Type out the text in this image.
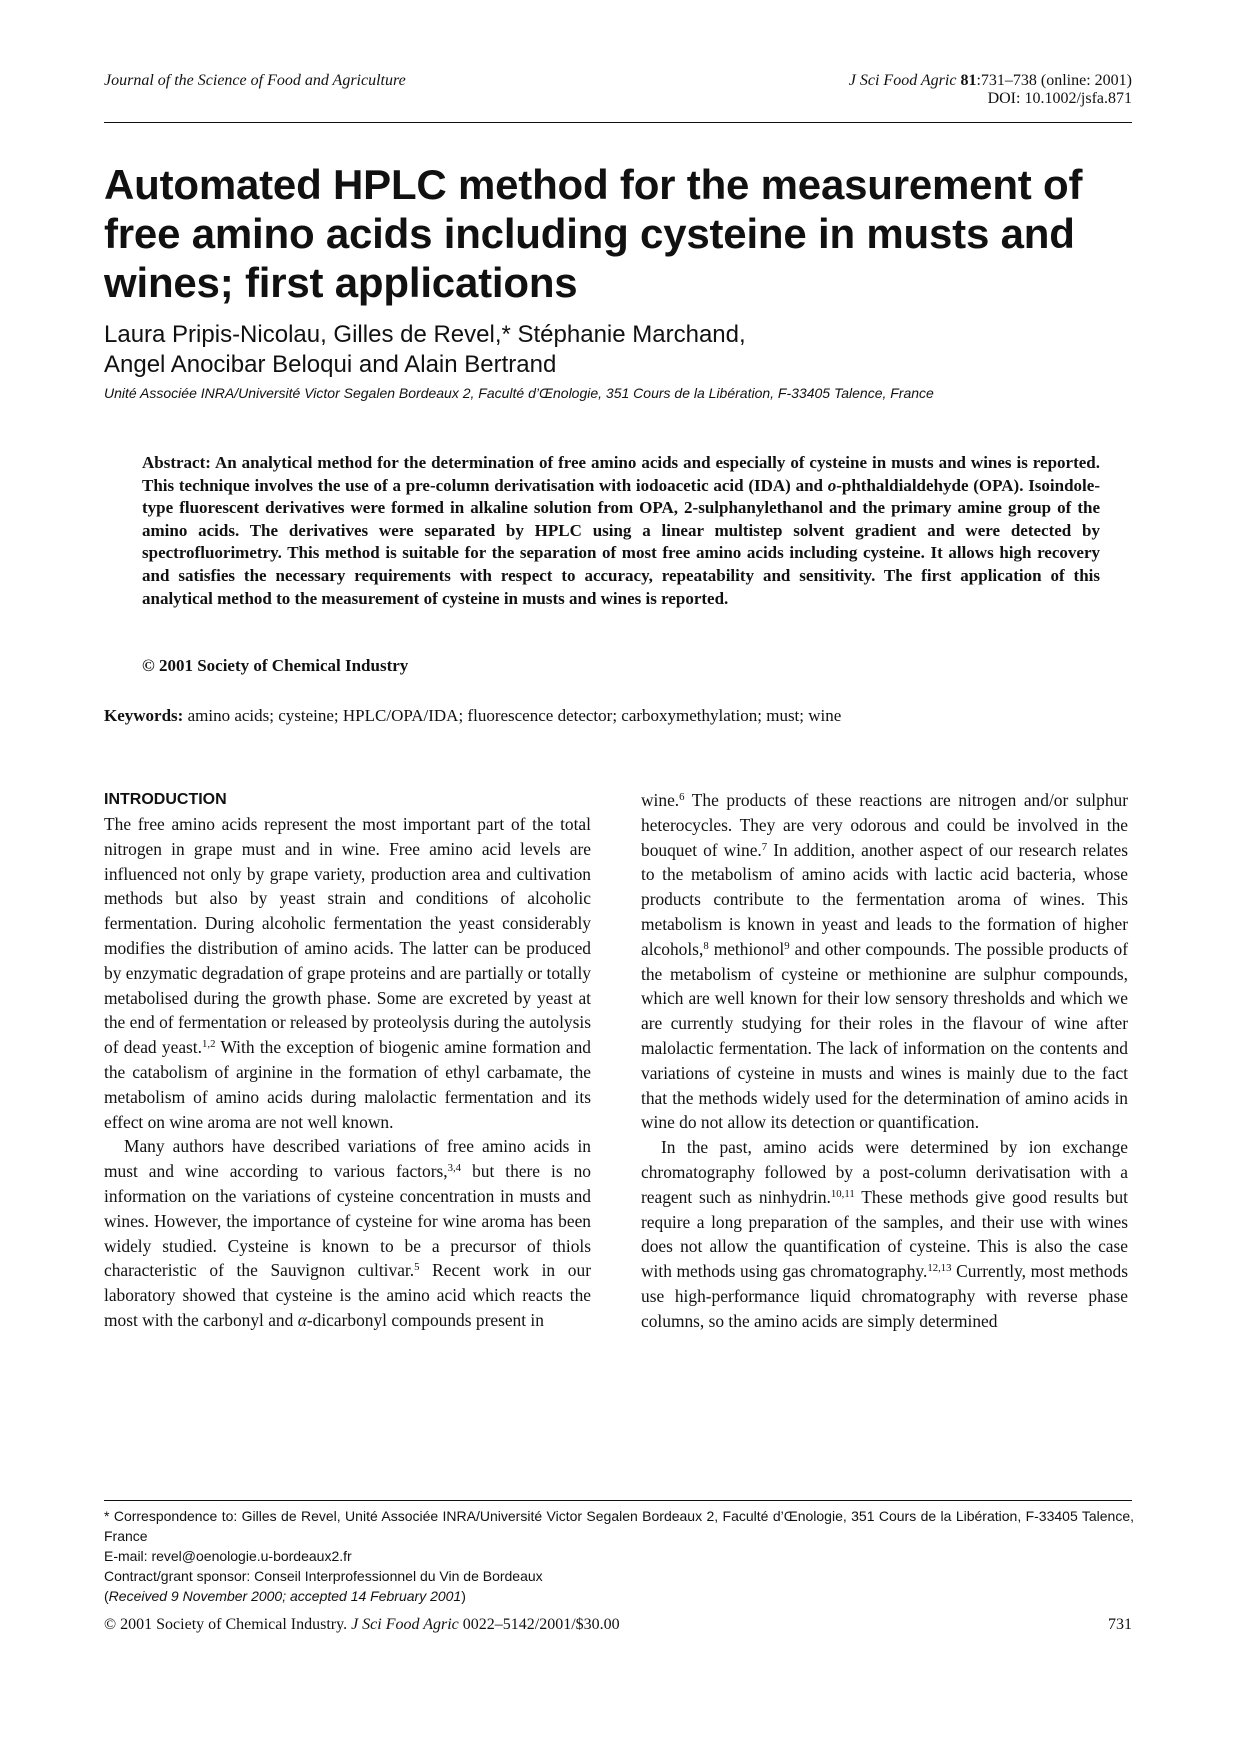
Journal of the Science of Food and Agriculture	J Sci Food Agric 81:731–738 (online: 2001)
DOI: 10.1002/jsfa.871
Automated HPLC method for the measurement of free amino acids including cysteine in musts and wines; first applications
Laura Pripis-Nicolau, Gilles de Revel,* Stéphanie Marchand,
Angel Anocibar Beloqui and Alain Bertrand
Unité Associée INRA/Université Victor Segalen Bordeaux 2, Faculté d’Œnologie, 351 Cours de la Libération, F-33405 Talence, France

Abstract: An analytical method for the determination of free amino acids and especially of cysteine in musts and wines is reported. This technique involves the use of a pre-column derivatisation with iodoacetic acid (IDA) and o-phthaldialdehyde (OPA). Isoindole-type fluorescent derivatives were formed in alkaline solution from OPA, 2-sulphanylethanol and the primary amine group of the amino acids. The derivatives were separated by HPLC using a linear multistep solvent gradient and were detected by spectrofluorimetry. This method is suitable for the separation of most free amino acids including cysteine. It allows high recovery and satisfies the necessary requirements with respect to accuracy, repeatability and sensitivity. The first application of this analytical method to the measurement of cysteine in musts and wines is reported.

© 2001 Society of Chemical Industry
Keywords: amino acids; cysteine; HPLC/OPA/IDA; fluorescence detector; carboxymethylation; must; wine
INTRODUCTION

The free amino acids represent the most important part of the total nitrogen in grape must and in wine. Free amino acid levels are influenced not only by grape variety, production area and cultivation methods but also by yeast strain and conditions of alcoholic fermentation. During alcoholic fermentation the yeast considerably modifies the distribution of amino acids. The latter can be produced by enzymatic degradation of grape proteins and are partially or totally metabolised during the growth phase. Some are excreted by yeast at the end of fermentation or released by proteolysis during the autolysis of dead yeast.$^{1,2}$ With the exception of biogenic amine formation and the catabolism of arginine in the formation of ethyl carbamate, the metabolism of amino acids during malolactic fermentation and its effect on wine aroma are not well known.

Many authors have described variations of free amino acids in must and wine according to various factors,$^{3,4}$ but there is no information on the variations of cysteine concentration in musts and wines. However, the importance of cysteine for wine aroma has been widely studied. Cysteine is known to be a precursor of thiols characteristic of the Sauvignon cultivar.$^5$ Recent work in our laboratory showed that cysteine is the amino acid which reacts the most with the carbonyl and α-dicarbonyl compounds present in

wine.$^6$ The products of these reactions are nitrogen and/or sulphur heterocycles. They are very odorous and could be involved in the bouquet of wine.$^7$ In addition, another aspect of our research relates to the metabolism of amino acids with lactic acid bacteria, whose products contribute to the fermentation aroma of wines. This metabolism is known in yeast and leads to the formation of higher alcohols,$^8$ methionol$^9$ and other compounds. The possible products of the metabolism of cysteine or methionine are sulphur compounds, which are well known for their low sensory thresholds and which we are currently studying for their roles in the flavour of wine after malolactic fermentation. The lack of information on the contents and variations of cysteine in musts and wines is mainly due to the fact that the methods widely used for the determination of amino acids in wine do not allow its detection or quantification.

In the past, amino acids were determined by ion exchange chromatography followed by a post-column derivatisation with a reagent such as ninhydrin.$^{10,11}$ These methods give good results but require a long preparation of the samples, and their use with wines does not allow the quantification of cysteine. This is also the case with methods using gas chromatography.$^{12,13}$ Currently, most methods use high-performance liquid chromatography with reverse phase columns, so the amino acids are simply determined

* Correspondence to: Gilles de Revel, Unité Associée INRA/Université Victor Segalen Bordeaux 2, Faculté d’Œnologie, 351 Cours de la Libération, F-33405 Talence, France
E-mail: revel@oenologie.u-bordeaux2.fr
Contract/grant sponsor: Conseil Interprofessionnel du Vin de Bordeaux
(Received 9 November 2000; accepted 14 February 2001)
© 2001 Society of Chemical Industry. J Sci Food Agric 0022–5142/2001/$30.00	731
